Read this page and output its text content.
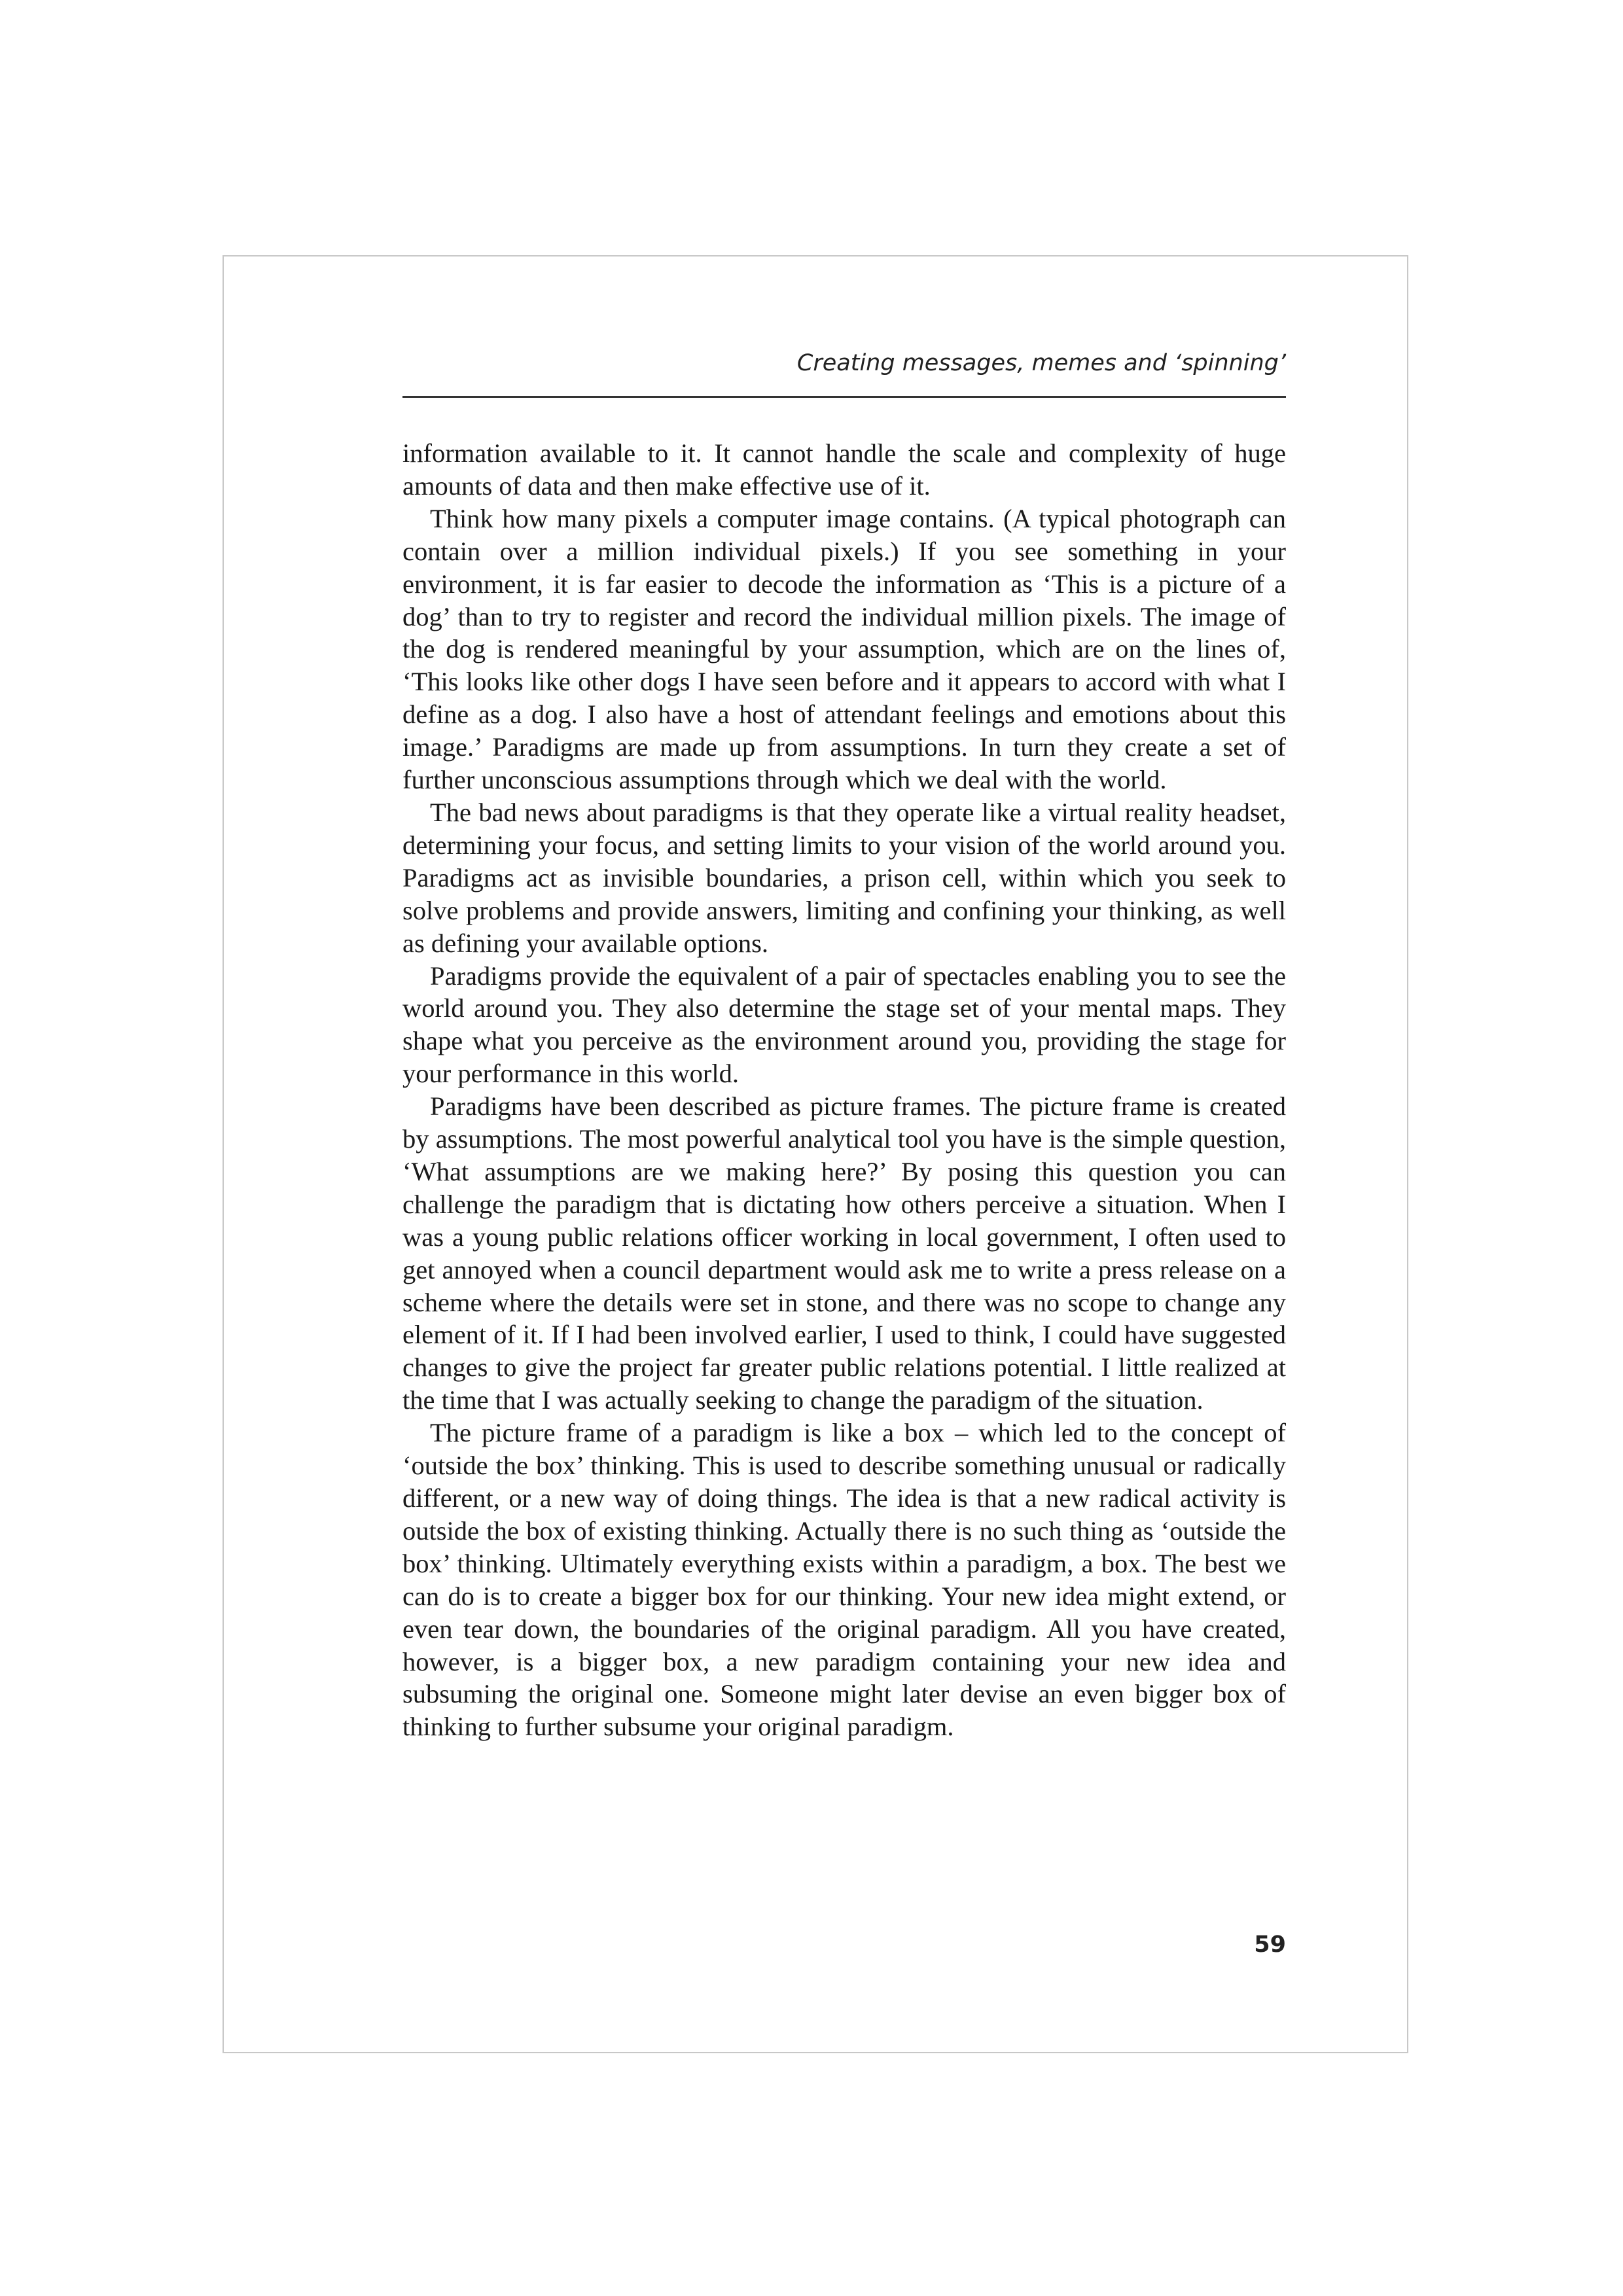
Creating messages, memes and ‘spinning’

information available to it. It cannot handle the scale and complexity of huge amounts of data and then make effective use of it.

Think how many pixels a computer image contains. (A typical photograph can contain over a million individual pixels.) If you see something in your environment, it is far easier to decode the information as ‘This is a picture of a dog’ than to try to register and record the individual million pixels. The image of the dog is rendered meaningful by your assumption, which are on the lines of, ‘This looks like other dogs I have seen before and it appears to accord with what I define as a dog. I also have a host of attendant feelings and emotions about this image.’ Paradigms are made up from assumptions. In turn they create a set of further unconscious assumptions through which we deal with the world.

The bad news about paradigms is that they operate like a virtual reality headset, determining your focus, and setting limits to your vision of the world around you. Paradigms act as invisible boundaries, a prison cell, within which you seek to solve problems and provide answers, limiting and confining your thinking, as well as defining your available options.

Paradigms provide the equivalent of a pair of spectacles enabling you to see the world around you. They also determine the stage set of your mental maps. They shape what you perceive as the environment around you, providing the stage for your performance in this world.

Paradigms have been described as picture frames. The picture frame is created by assumptions. The most powerful analytical tool you have is the simple question, ‘What assumptions are we making here?’ By posing this question you can challenge the paradigm that is dictating how others perceive a situation. When I was a young public relations officer working in local government, I often used to get annoyed when a council department would ask me to write a press release on a scheme where the details were set in stone, and there was no scope to change any element of it. If I had been involved earlier, I used to think, I could have suggested changes to give the project far greater public relations potential. I little realized at the time that I was actually seeking to change the paradigm of the situation.

The picture frame of a paradigm is like a box – which led to the concept of ‘outside the box’ thinking. This is used to describe something unusual or radically different, or a new way of doing things. The idea is that a new radical activity is outside the box of existing thinking. Actually there is no such thing as ‘outside the box’ thinking. Ultimately everything exists within a paradigm, a box. The best we can do is to create a bigger box for our thinking. Your new idea might extend, or even tear down, the boundaries of the original paradigm. All you have created, however, is a bigger box, a new paradigm containing your new idea and subsuming the original one. Someone might later devise an even bigger box of thinking to further subsume your original paradigm.

59
